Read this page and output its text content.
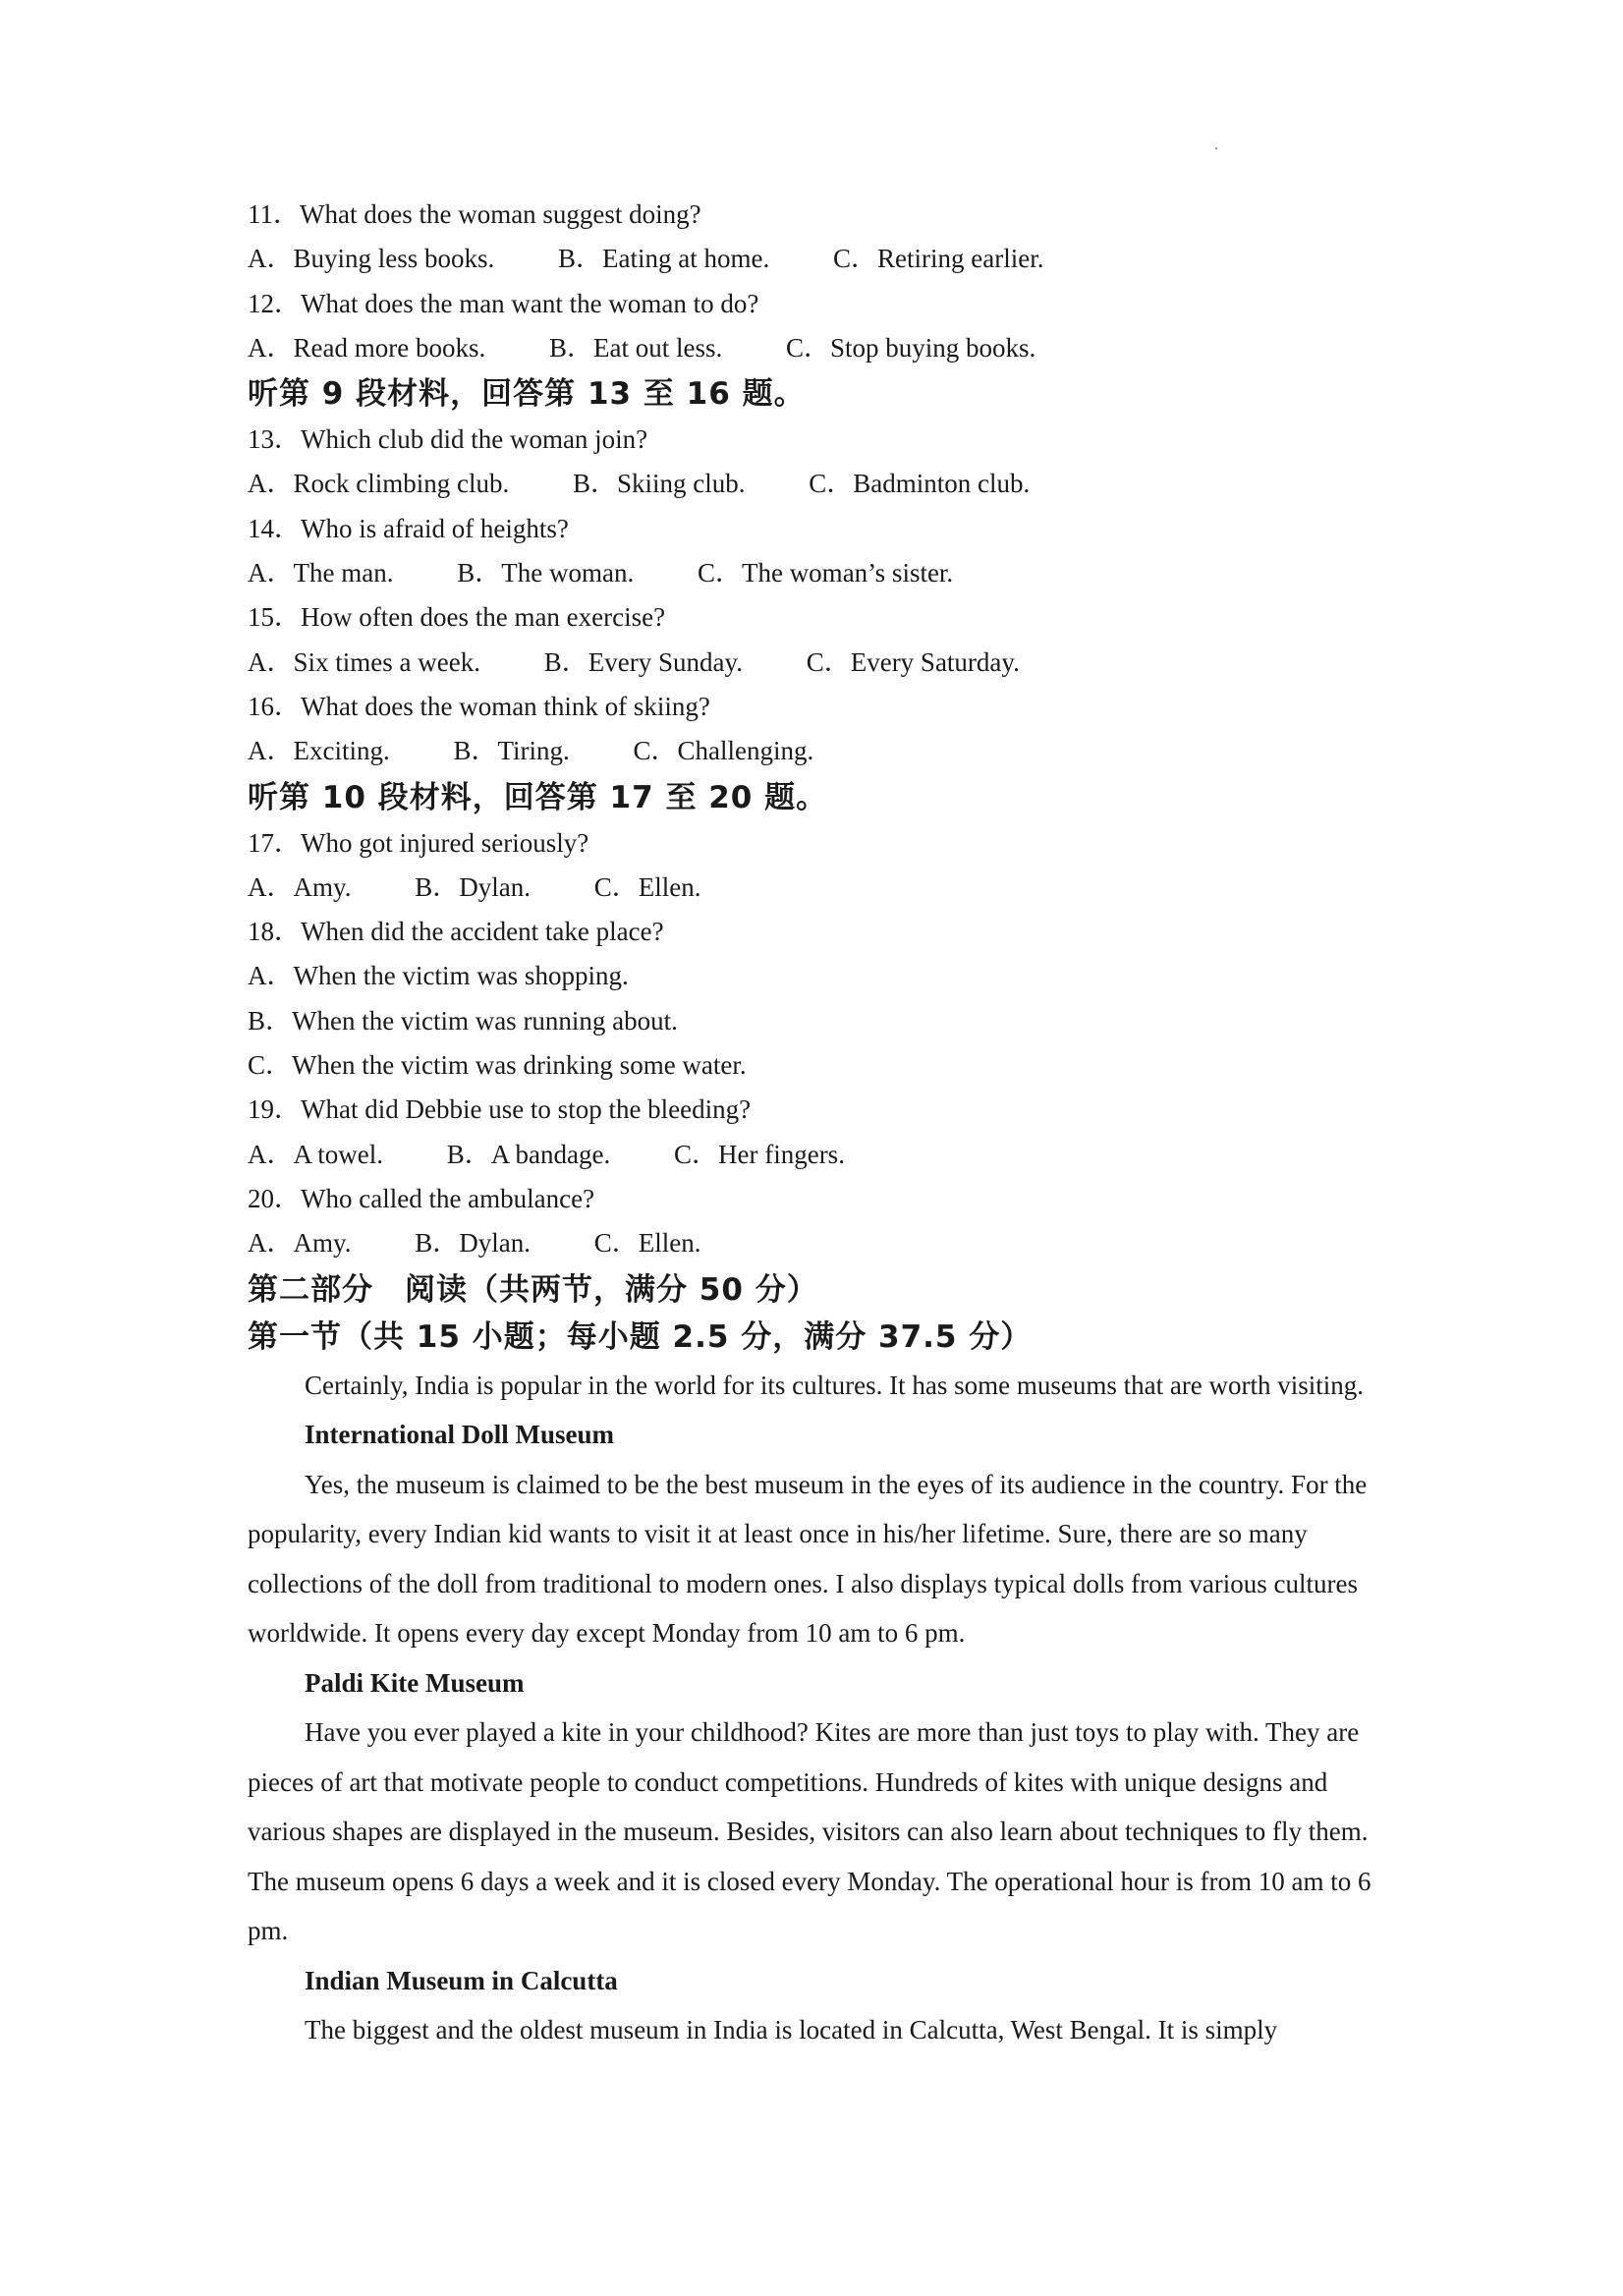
11．What does the woman suggest doing?
A．Buying less books. B．Eating at home. C．Retiring earlier.
12．What does the man want the woman to do?
A．Read more books. B．Eat out less. C．Stop buying books.
听第 9 段材料，回答第 13 至 16 题。
13．Which club did the woman join?
A．Rock climbing club. B．Skiing club. C．Badminton club.
14．Who is afraid of heights?
A．The man. B．The woman. C．The woman’s sister.
15．How often does the man exercise?
A．Six times a week. B．Every Sunday. C．Every Saturday.
16．What does the woman think of skiing?
A．Exciting. B．Tiring. C．Challenging.
听第 10 段材料，回答第 17 至 20 题。
17．Who got injured seriously?
A．Amy. B．Dylan. C．Ellen.
18．When did the accident take place?
A．When the victim was shopping.
B．When the victim was running about.
C．When the victim was drinking some water.
19．What did Debbie use to stop the bleeding?
A．A towel. B．A bandage. C．Her fingers.
20．Who called the ambulance?
A．Amy. B．Dylan. C．Ellen.
第二部分　阅读（共两节，满分 50 分）
第一节（共 15 小题；每小题 2.5 分，满分 37.5 分）

Certainly, India is popular in the world for its cultures. It has some museums that are worth visiting.

International Doll Museum

Yes, the museum is claimed to be the best museum in the eyes of its audience in the country. For the popularity, every Indian kid wants to visit it at least once in his/her lifetime. Sure, there are so many collections of the doll from traditional to modern ones. I also displays typical dolls from various cultures worldwide. It opens every day except Monday from 10 am to 6 pm.

Paldi Kite Museum

Have you ever played a kite in your childhood? Kites are more than just toys to play with. They are pieces of art that motivate people to conduct competitions. Hundreds of kites with unique designs and various shapes are displayed in the museum. Besides, visitors can also learn about techniques to fly them. The museum opens 6 days a week and it is closed every Monday. The operational hour is from 10 am to 6 pm.

Indian Museum in Calcutta

The biggest and the oldest museum in India is located in Calcutta, West Bengal. It is simply
